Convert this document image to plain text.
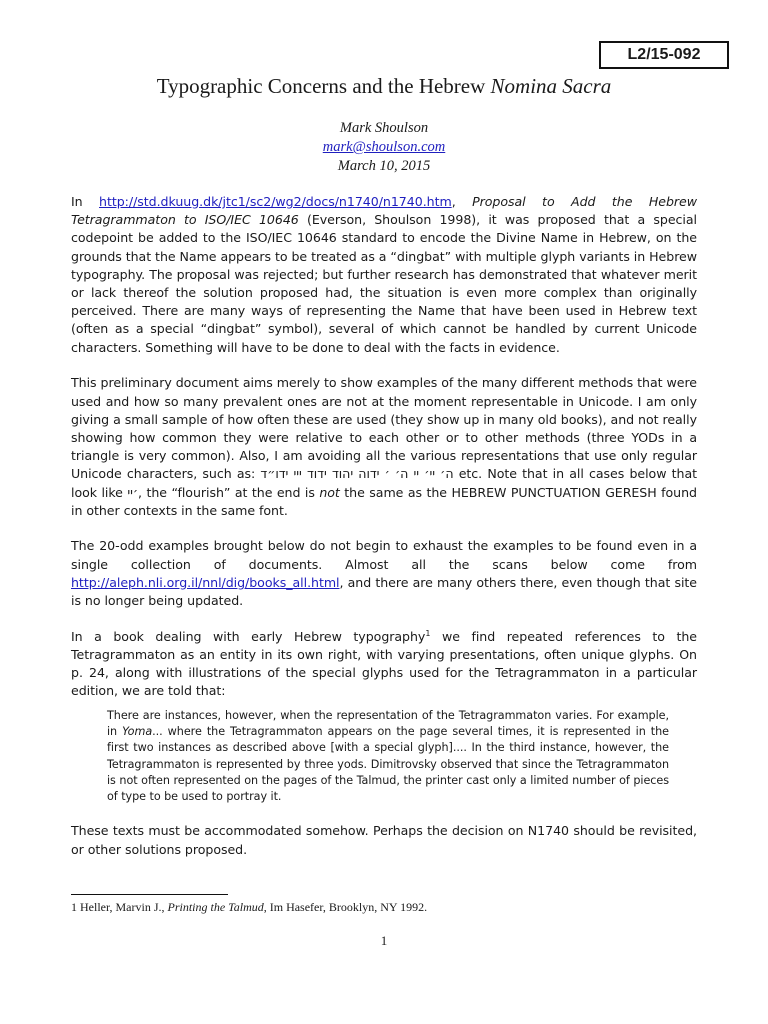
L2/15-092
Typographic Concerns and the Hebrew Nomina Sacra
Mark Shoulson
mark@shoulson.com
March 10, 2015

In http://std.dkuug.dk/jtc1/sc2/wg2/docs/n1740/n1740.htm, Proposal to Add the Hebrew Tetragrammaton to ISO/IEC 10646 (Everson, Shoulson 1998), it was proposed that a special codepoint be added to the ISO/IEC 10646 standard to encode the Divine Name in Hebrew, on the grounds that the Name appears to be treated as a “dingbat” with multiple glyph variants in Hebrew typography. The proposal was rejected; but further research has demonstrated that whatever merit or lack thereof the solution proposed had, the situation is even more complex than originally perceived. There are many ways of representing the Name that have been used in Hebrew text (often as a special “dingbat” symbol), several of which cannot be handled by current Unicode characters. Something will have to be done to deal with the facts in evidence.

This preliminary document aims merely to show examples of the many different methods that were used and how so many prevalent ones are not at the moment representable in Unicode. I am only giving a small sample of how often these are used (they show up in many old books), and not really showing how common they were relative to each other or to other methods (three YODs in a triangle is very common). Also, I am avoiding all the various representations that use only regular Unicode characters, such as: ה׳ יי׳ יי ה׳ ׳ ידוה יהוד ידוד ייי ידו״ד etc. Note that in all cases below that look like ׳יי, the “flourish” at the end is not the same as the HEBREW PUNCTUATION GERESH found in other contexts in the same font.

The 20-odd examples brought below do not begin to exhaust the examples to be found even in a single collection of documents. Almost all the scans below come from http://aleph.nli.org.il/nnl/dig/books_all.html, and there are many others there, even though that site is no longer being updated.

In a book dealing with early Hebrew typography$^1$ we find repeated references to the Tetragrammaton as an entity in its own right, with varying presentations, often unique glyphs. On p. 24, along with illustrations of the special glyphs used for the Tetragrammaton in a particular edition, we are told that:

There are instances, however, when the representation of the Tetragrammaton varies. For example, in Yoma... where the Tetragrammaton appears on the page several times, it is represented in the first two instances as described above [with a special glyph].... In the third instance, however, the Tetragrammaton is represented by three yods. Dimitrovsky observed that since the Tetragrammaton is not often represented on the pages of the Talmud, the printer cast only a limited number of pieces of type to be used to portray it.

These texts must be accommodated somehow. Perhaps the decision on N1740 should be revisited, or other solutions proposed.

1 Heller, Marvin J., Printing the Talmud, Im Hasefer, Brooklyn, NY 1992.
1
